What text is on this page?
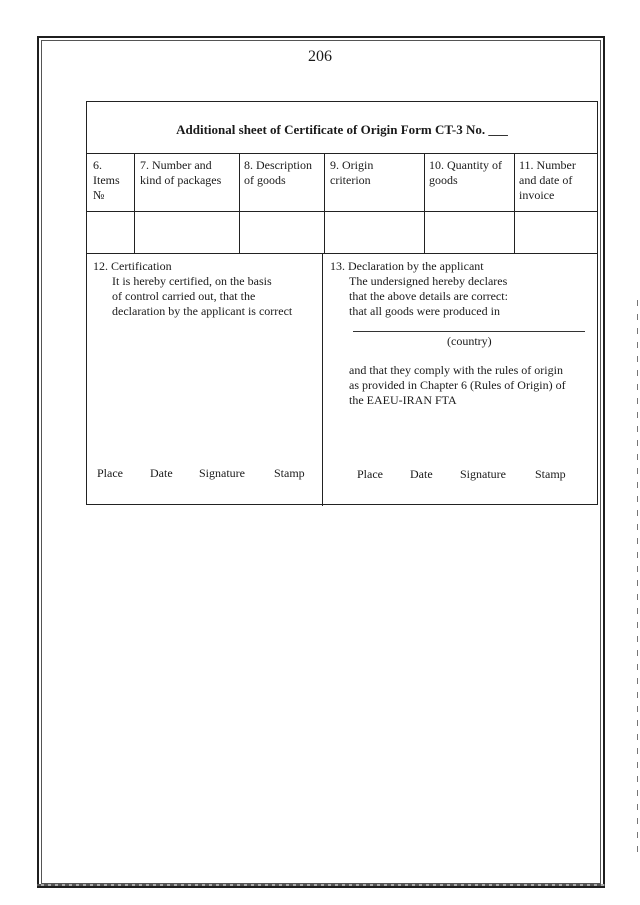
206
Additional sheet of Certificate of Origin Form CT-3 No. ___
6.
Items
№
7. Number and
kind of packages
8. Description
of goods
9. Origin
criterion
10. Quantity of
goods
11. Number
and date of
invoice
12. Certification
It is hereby certified, on the basis
of control carried out, that the
declaration by the applicant is correct
Place Date Signature Stamp
13. Declaration by the applicant
The undersigned hereby declares
that the above details are correct:
that all goods were produced in
(country)
and that they comply with the rules of origin
as provided in Chapter 6 (Rules of Origin) of
the EAEU-IRAN FTA
Place Date Signature Stamp
